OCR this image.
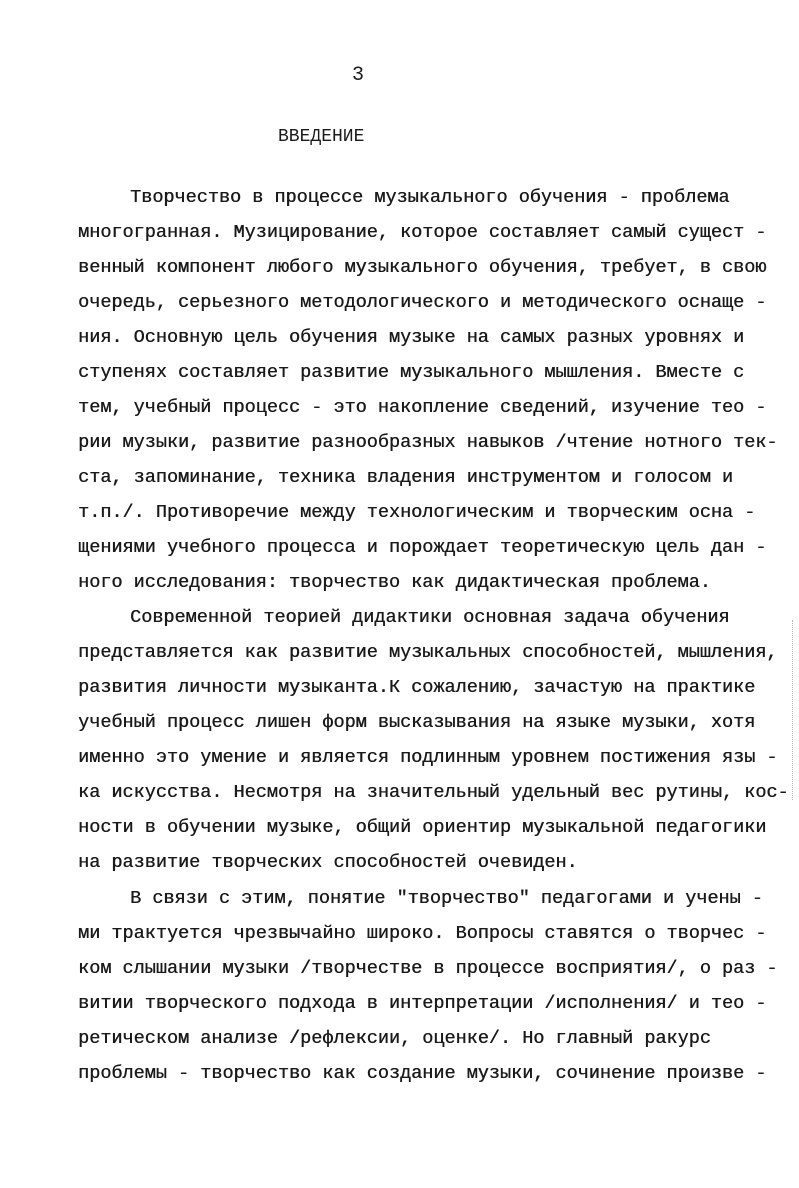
3
ВВЕДЕНИЕ
Творчество в процессе музыкального обучения - проблема
многогранная. Музицирование, которое составляет самый сущест -
венный компонент любого музыкального обучения, требует, в свою
очередь, серьезного методологического и методического оснаще -
ния. Основную цель обучения музыке на самых разных уровнях и
ступенях составляет развитие музыкального мышления. Вместе с
тем, учебный процесс - это накопление сведений, изучение тео -
рии музыки, развитие разнообразных навыков /чтение нотного тек-
ста, запоминание, техника владения инструментом и голосом и
т.п./. Противоречие между технологическим и творческим осна -
щениями учебного процесса и порождает теоретическую цель дан -
ного исследования: творчество как дидактическая проблема.
Современной теорией дидактики основная задача обучения
представляется как развитие музыкальных способностей, мышления,
развития личности музыканта.К сожалению, зачастую на практике
учебный процесс лишен форм высказывания на языке музыки, хотя
именно это умение и является подлинным уровнем постижения язы -
ка искусства. Несмотря на значительный удельный вес рутины, кос-
ности в обучении музыке, общий ориентир музыкальной педагогики
на развитие творческих способностей очевиден.
В связи с этим, понятие "творчество" педагогами и учены -
ми трактуется чрезвычайно широко. Вопросы ставятся о творчес -
ком слышании музыки /творчестве в процессе восприятия/, о раз -
витии творческого подхода в интерпретации /исполнения/ и тео -
ретическом анализе /рефлексии, оценке/. Но главный ракурс
проблемы - творчество как создание музыки, сочинение произве -
